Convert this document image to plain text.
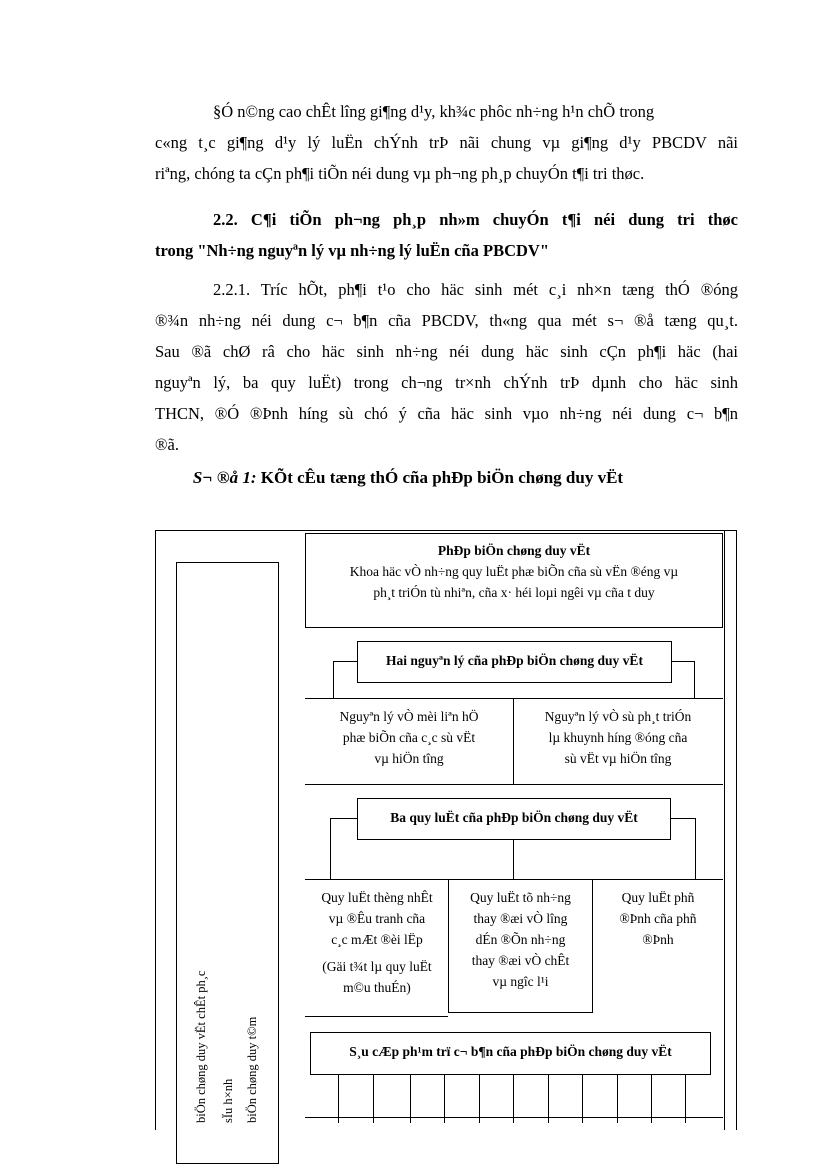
§Ó n©ng cao chÊt lîng gi¶ng d¹y, kh¾c phôc nh÷ng h¹n chÕ trong
c«ng t¸c gi¶ng d¹y lý luËn chÝnh trÞ nãi chung vµ gi¶ng d¹y PBCDV nãi
riªng, chóng ta cÇn ph¶i tiÕn néi dung vµ ph¬ng ph¸p chuyÓn t¶i tri thøc.
2.2. C¶i tiÕn ph¬ng ph¸p nh»m chuyÓn t¶i néi dung tri thøc
trong "Nh÷ng nguyªn lý vµ nh÷ng lý luËn cña PBCDV"
2.2.1. Tríc hÕt, ph¶i t¹o cho häc sinh mét c¸i nh×n tæng thÓ ®óng
®¾n nh÷ng néi dung c¬ b¶n cña PBCDV, th«ng qua mét s¬ ®å tæng qu¸t.
Sau ®ã chØ râ cho häc sinh nh÷ng néi dung häc sinh cÇn ph¶i häc (hai
nguyªn lý, ba quy luËt) trong ch¬ng tr×nh chÝnh trÞ dµnh cho häc sinh
THCN, ®Ó ®Þnh híng sù chó ý cña häc sinh vµo nh÷ng néi dung c¬ b¶n
®ã.
S¬ ®å 1: KÕt cÊu tæng thÓ cña phÐp biÖn chøng duy vËt
PhÐp biÖn chøng duy vËt
Khoa häc vÒ nh÷ng quy luËt phæ biÕn cña sù vËn ®éng vµ
ph¸t triÓn tù nhiªn, cña x· héi loµi ngêi vµ cña t duy
Hai nguyªn lý cña phÐp biÖn chøng duy vËt
Nguyªn lý vÒ mèi liªn hÖ
phæ biÕn cña c¸c sù vËt
vµ hiÖn tîng
Nguyªn lý vÒ sù ph¸t triÓn
lµ khuynh híng ®óng cña
sù vËt vµ hiÖn tîng
Ba quy luËt cña phÐp biÖn chøng duy vËt
Quy luËt thèng nhÊt
vµ ®Êu tranh cña
c¸c mÆt ®èi lËp

(Gäi t¾t lµ quy luËt
m©u thuÉn)
Quy luËt tõ nh÷ng
thay ®æi vÒ lîng
dÉn ®Õn nh÷ng
thay ®æi vÒ chÊt
vµ ngîc l¹i
Quy luËt phñ
®Þnh cña phñ
®Þnh
S¸u cÆp ph¹m trï c¬ b¶n cña phÐp biÖn chøng duy vËt
biÖn chøng duy vËt chÊt ph¸c sÏu h×nh biÖn chøng duy t©m
